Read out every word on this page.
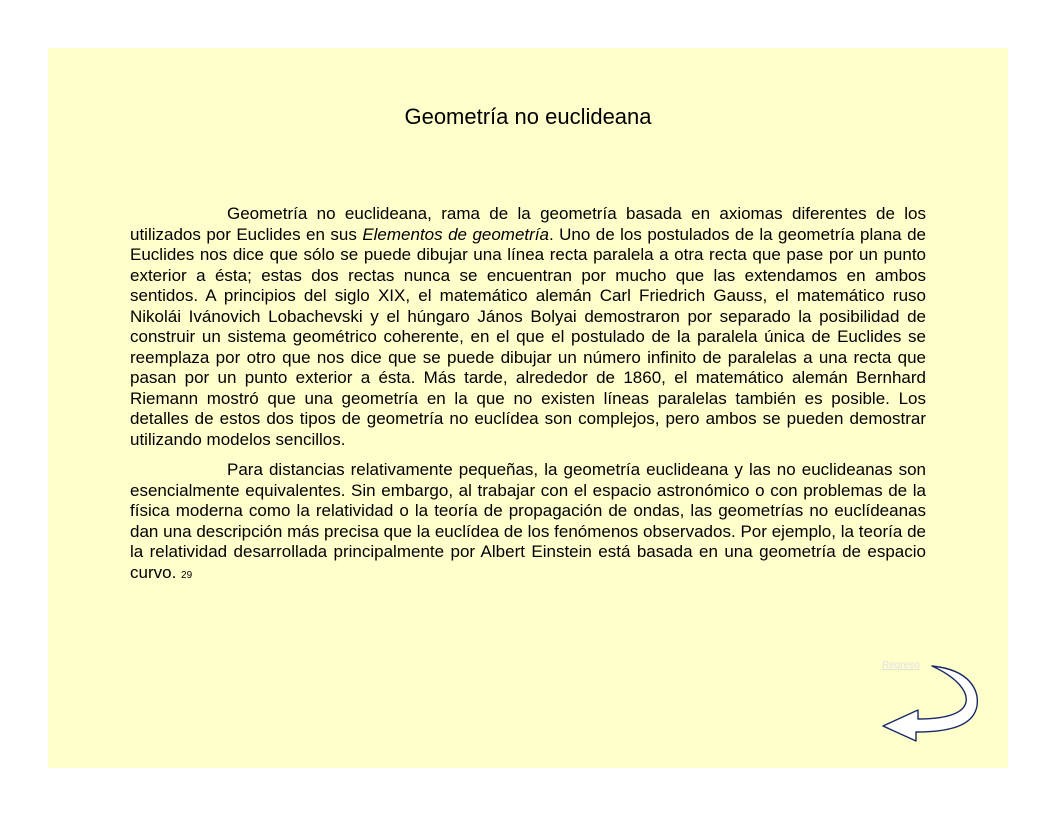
Geometría no euclideana

Geometría no euclideana, rama de la geometría basada en axiomas diferentes de los utilizados por Euclides en sus Elementos de geometría. Uno de los postulados de la geometría plana de Euclides nos dice que sólo se puede dibujar una línea recta paralela a otra recta que pase por un punto exterior a ésta; estas dos rectas nunca se encuentran por mucho que las extendamos en ambos sentidos. A principios del siglo XIX, el matemático alemán Carl Friedrich Gauss, el matemático ruso Nikolái Ivánovich Lobachevski y el húngaro János Bolyai demostraron por separado la posibilidad de construir un sistema geométrico coherente, en el que el postulado de la paralela única de Euclides se reemplaza por otro que nos dice que se puede dibujar un número infinito de paralelas a una recta que pasan por un punto exterior a ésta. Más tarde, alrededor de 1860, el matemático alemán Bernhard Riemann mostró que una geometría en la que no existen líneas paralelas también es posible. Los detalles de estos dos tipos de geometría no euclídea son complejos, pero ambos se pueden demostrar utilizando modelos sencillos.

Para distancias relativamente pequeñas, la geometría euclideana y las no euclideanas son esencialmente equivalentes. Sin embargo, al trabajar con el espacio astronómico o con problemas de la física moderna como la relatividad o la teoría de propagación de ondas, las geometrías no euclídeanas dan una descripción más precisa que la euclídea de los fenómenos observados. Por ejemplo, la teoría de la relatividad desarrollada principalmente por Albert Einstein está basada en una geometría de espacio curvo. 29

Regreso
